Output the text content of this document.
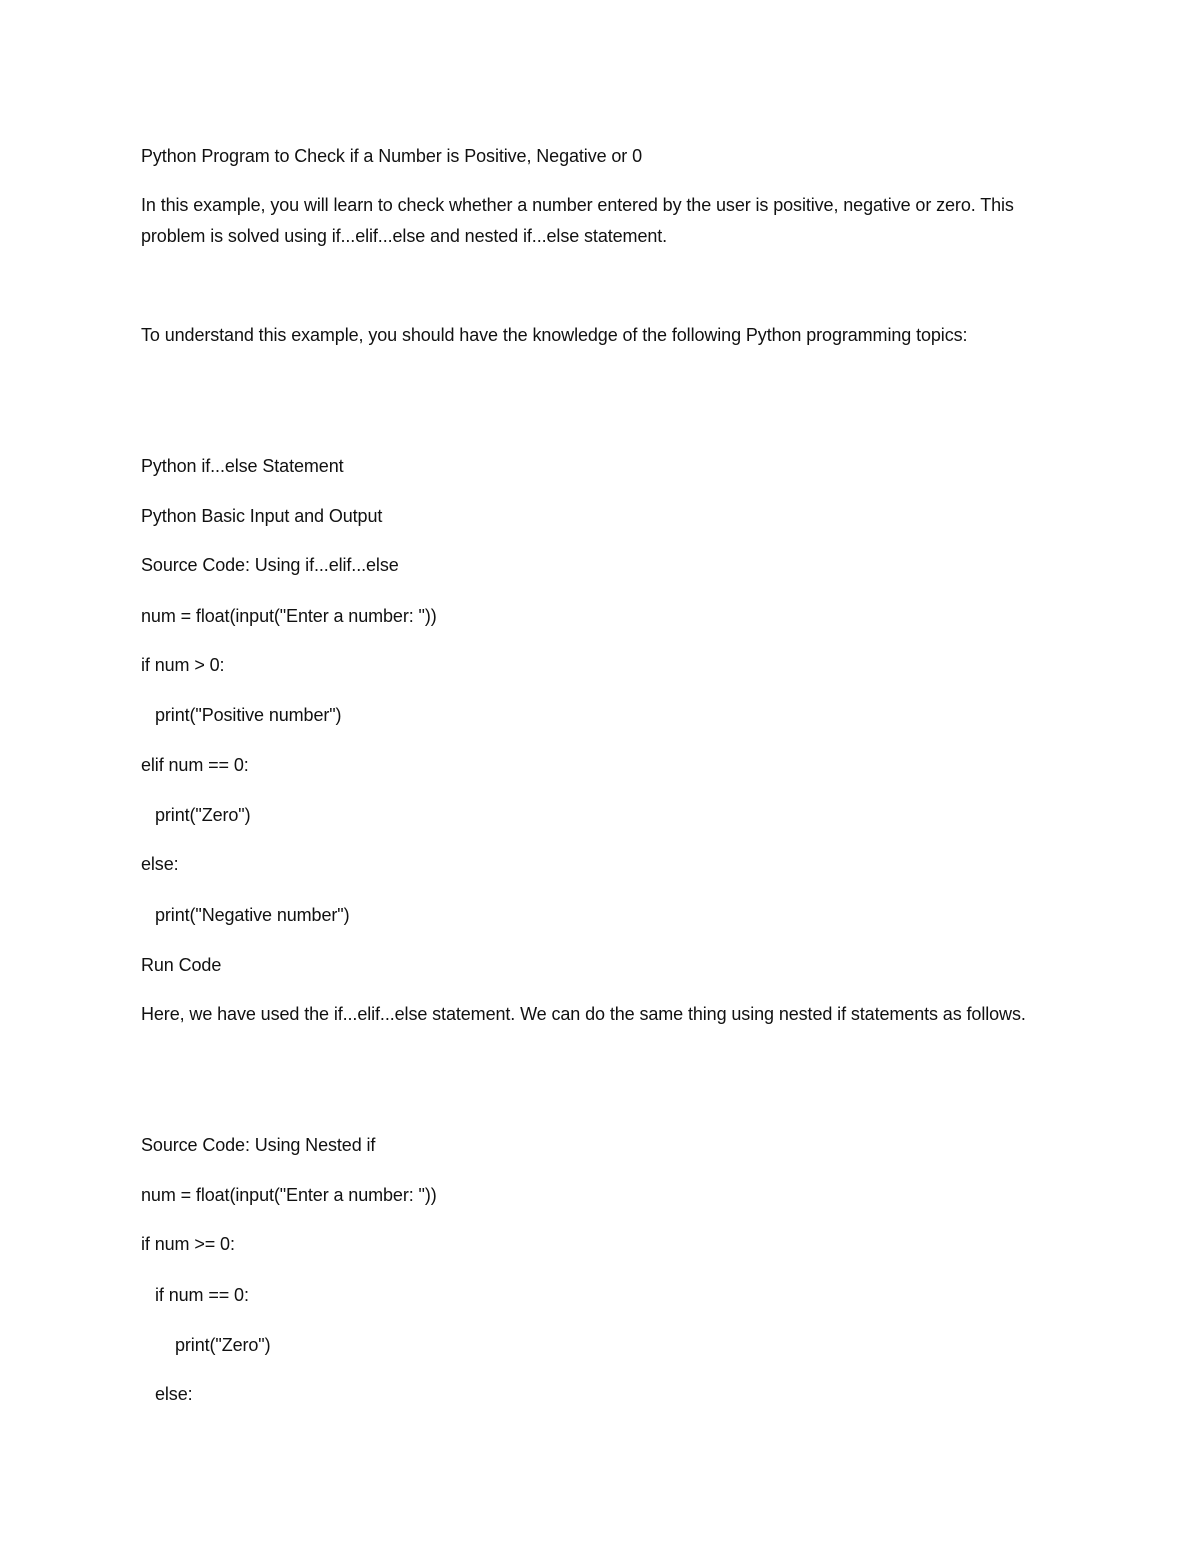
Python Program to Check if a Number is Positive, Negative or 0
In this example, you will learn to check whether a number entered by the user is positive, negative or zero. This problem is solved using if...elif...else and nested if...else statement.
To understand this example, you should have the knowledge of the following Python programming topics:
Python if...else Statement
Python Basic Input and Output
Source Code: Using if...elif...else
num = float(input("Enter a number: "))
if num > 0:
print("Positive number")
elif num == 0:
print("Zero")
else:
print("Negative number")
Run Code
Here, we have used the if...elif...else statement. We can do the same thing using nested if statements as follows.
Source Code: Using Nested if
num = float(input("Enter a number: "))
if num >= 0:
if num == 0:
print("Zero")
else:
